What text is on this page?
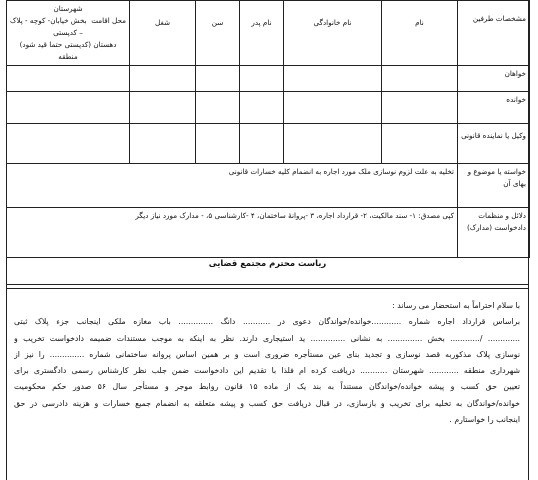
مشخصات طرفین	نام	نام خانوادگی	نام پدر	سن	شغل	شهرستان
محل اقامت  بخش خیابان- کوچه - پلاک – کدپستی
دهستان (کدپستی حتما قید شود)
منطقه

خواهان						
خوانده						
وکیل یا نماینده قانونی						
خواسته یا موضوع و بهای آن	تخلیه به علت لزوم نوسازی ملک مورد اجاره به انضمام کلیه خسارات قانونی					
دلائل و منظمات دادخواست (مدارک)	کپی مصدق: ۱- سند مالکیت، ۲- قرارداد اجاره، ۳ -پروانۀ ساختمان، ۴ -کارشناسی ۵، - مدارک مورد نیاز دیگر					
ریاست محترم مجتمع قضایی
با سلام احتراماً به استحضار می رساند :
براساس قرارداد اجاره شماره ............خوانده/خواندگان دعوی در ........... دانگ .............. باب مغازه ملکی اینجانب جزء پلاک ثبتی
............. /............ بخش .............. به نشانی .............. ید استیجاری دارند. نظر به اینکه به موجب مستندات ضمیمه دادخواست تخریب و
نوسازی پلاک مذکوربه قصد نوسازی و تجدید بنای عین مستأجره ضروری است و بر همین اساس پروانه ساختمانی شماره .............. را نیز از
شهرداری منطقه ............ شهرستان ........... دریافت کرده ام فلذا با تقدیم این دادخواست ضمن جلب نظر کارشناس رسمی دادگستری برای
تعیین حق کسب و پیشه خوانده/خواندگان مستنداً به بند یک از ماده ۱۵ قانون روابط موجر و مستأجر سال ۵۶ صدور حکم محکومیت
خوانده/خواندگان به تخلیه برای تخریب و بازسازی، در قبال دریافت حق کسب و پیشه متعلقه به انضمام جمیع خسارات و هزینه دادرسی در حق
اینجانب را خواستارم .
